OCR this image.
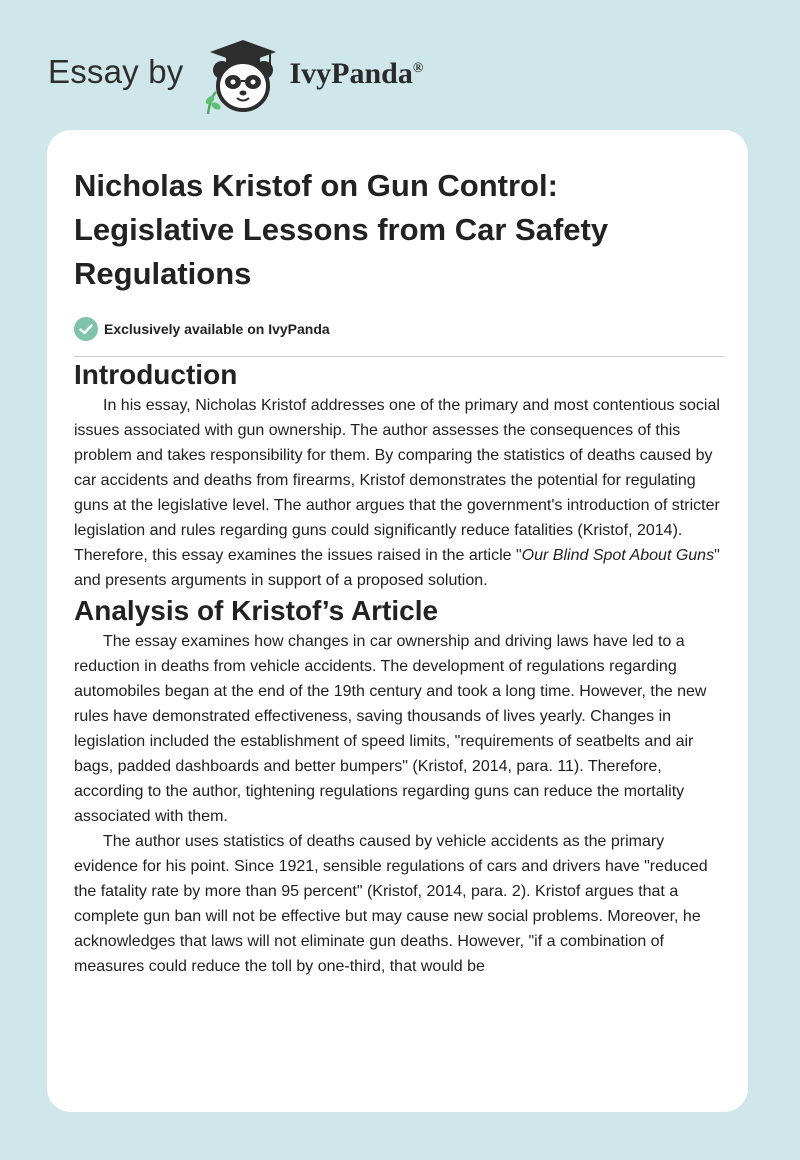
Essay by	IvyPanda®
Nicholas Kristof on Gun Control: Legislative Lessons from Car Safety Regulations
Exclusively available on IvyPanda
Introduction

In his essay, Nicholas Kristof addresses one of the primary and most contentious social issues associated with gun ownership. The author assesses the consequences of this problem and takes responsibility for them. By comparing the statistics of deaths caused by car accidents and deaths from firearms, Kristof demonstrates the potential for regulating guns at the legislative level. The author argues that the government's introduction of stricter legislation and rules regarding guns could significantly reduce fatalities (Kristof, 2014). Therefore, this essay examines the issues raised in the article "Our Blind Spot About Guns" and presents arguments in support of a proposed solution.

Analysis of Kristof’s Article

The essay examines how changes in car ownership and driving laws have led to a reduction in deaths from vehicle accidents. The development of regulations regarding automobiles began at the end of the 19th century and took a long time. However, the new rules have demonstrated effectiveness, saving thousands of lives yearly. Changes in legislation included the establishment of speed limits, "requirements of seatbelts and air bags, padded dashboards and better bumpers" (Kristof, 2014, para. 11). Therefore, according to the author, tightening regulations regarding guns can reduce the mortality associated with them.

The author uses statistics of deaths caused by vehicle accidents as the primary evidence for his point. Since 1921, sensible regulations of cars and drivers have "reduced the fatality rate by more than 95 percent" (Kristof, 2014, para. 2). Kristof argues that a complete gun ban will not be effective but may cause new social problems. Moreover, he acknowledges that laws will not eliminate gun deaths. However, "if a combination of measures could reduce the toll by one-third, that would be
